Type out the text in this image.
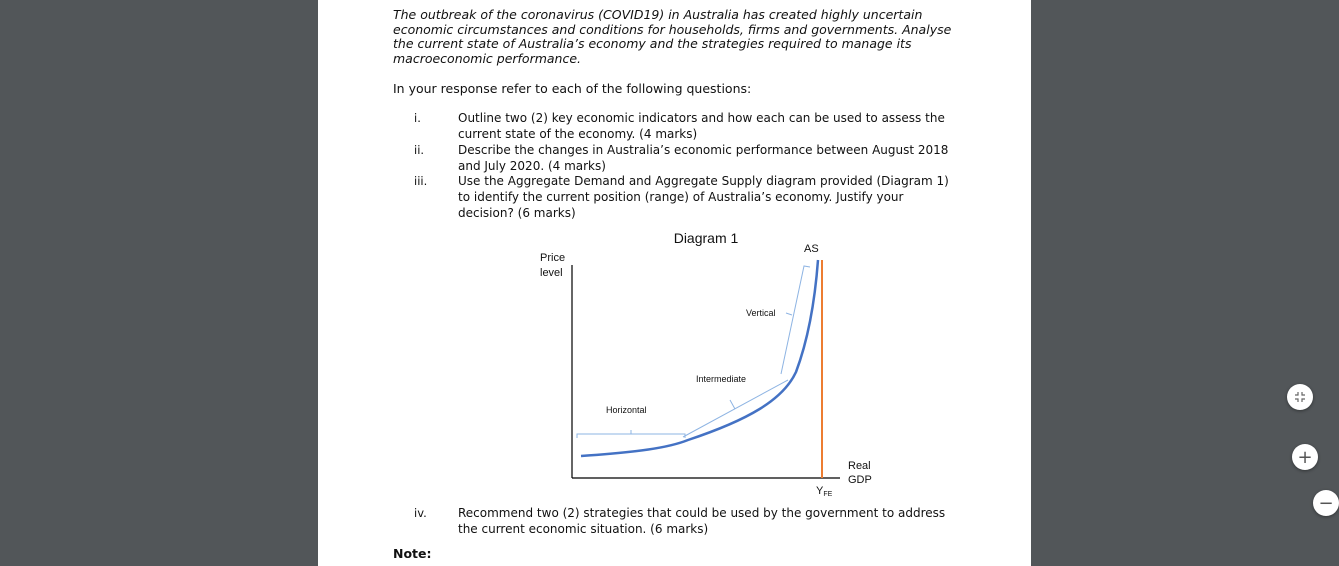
The outbreak of the coronavirus (COVID19) in Australia has created highly uncertain economic circumstances and conditions for households, firms and governments. Analyse the current state of Australia’s economy and the strategies required to manage its macroeconomic performance.
In your response refer to each of the following questions:
i.	Outline two (2) key economic indicators and how each can be used to assess the current state of the economy. (4 marks)
ii.	Describe the changes in Australia’s economic performance between August 2018 and July 2020. (4 marks)
iii.	Use the Aggregate Demand and Aggregate Supply diagram provided (Diagram 1) to identify the current position (range) of Australia’s economy. Justify your decision? (6 marks)
Diagram 1
Price
level
AS
Horizontal
Intermediate
Vertical
Real
GDP
YFE
iv.	Recommend two (2) strategies that could be used by the government to address the current economic situation. (6 marks)
Note:
+
−
